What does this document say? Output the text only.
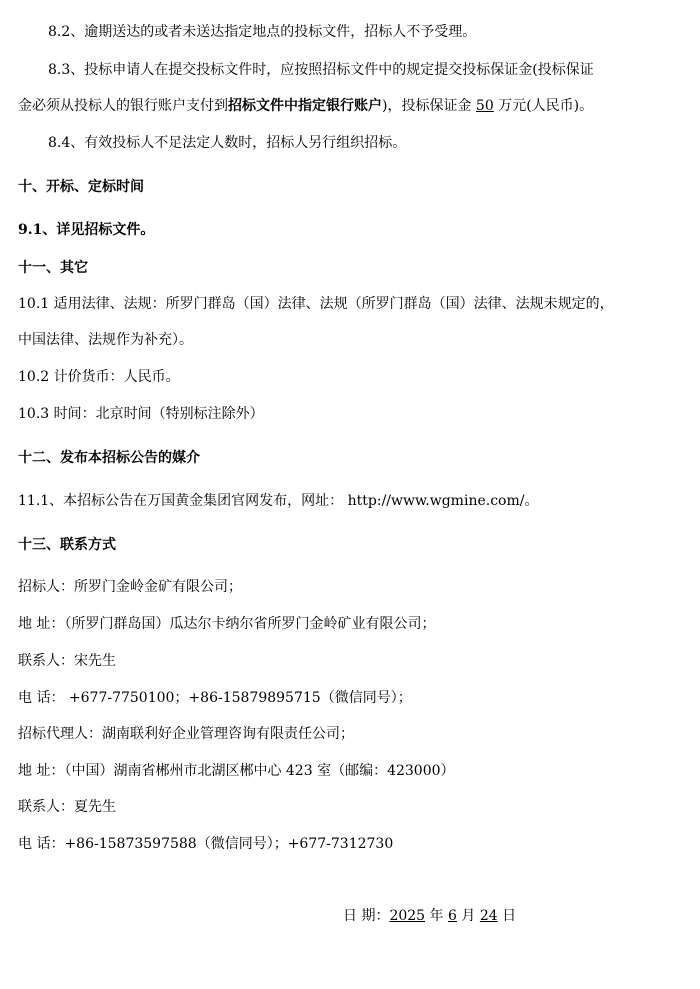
8.2、逾期送达的或者未送达指定地点的投标文件，招标人不予受理。
8.3、投标申请人在提交投标文件时，应按照招标文件中的规定提交投标保证金(投标保证
金必须从投标人的银行账户支付到招标文件中指定银行账户)，投标保证金 50 万元(人民币)。
8.4、有效投标人不足法定人数时，招标人另行组织招标。
十、开标、定标时间
9.1、详见招标文件。
十一、其它
10.1 适用法律、法规：所罗门群岛（国）法律、法规（所罗门群岛（国）法律、法规未规定的，
中国法律、法规作为补充）。
10.2 计价货币：人民币。
10.3 时间：北京时间（特别标注除外）
十二、发布本招标公告的媒介
11.1、本招标公告在万国黄金集团官网发布，网址： http://www.wgmine.com/。
十三、联系方式
招标人：所罗门金岭金矿有限公司；
地 址：（所罗门群岛国）瓜达尔卡纳尔省所罗门金岭矿业有限公司；
联系人：宋先生
电 话： +677-7750100；+86-15879895715（微信同号）；
招标代理人：湖南联利好企业管理咨询有限责任公司；
地 址：（中国）湖南省郴州市北湖区郴中心 423 室（邮编：423000）
联系人：夏先生
电 话：+86-15873597588（微信同号）；+677-7312730
日 期：2025 年 6 月 24 日
